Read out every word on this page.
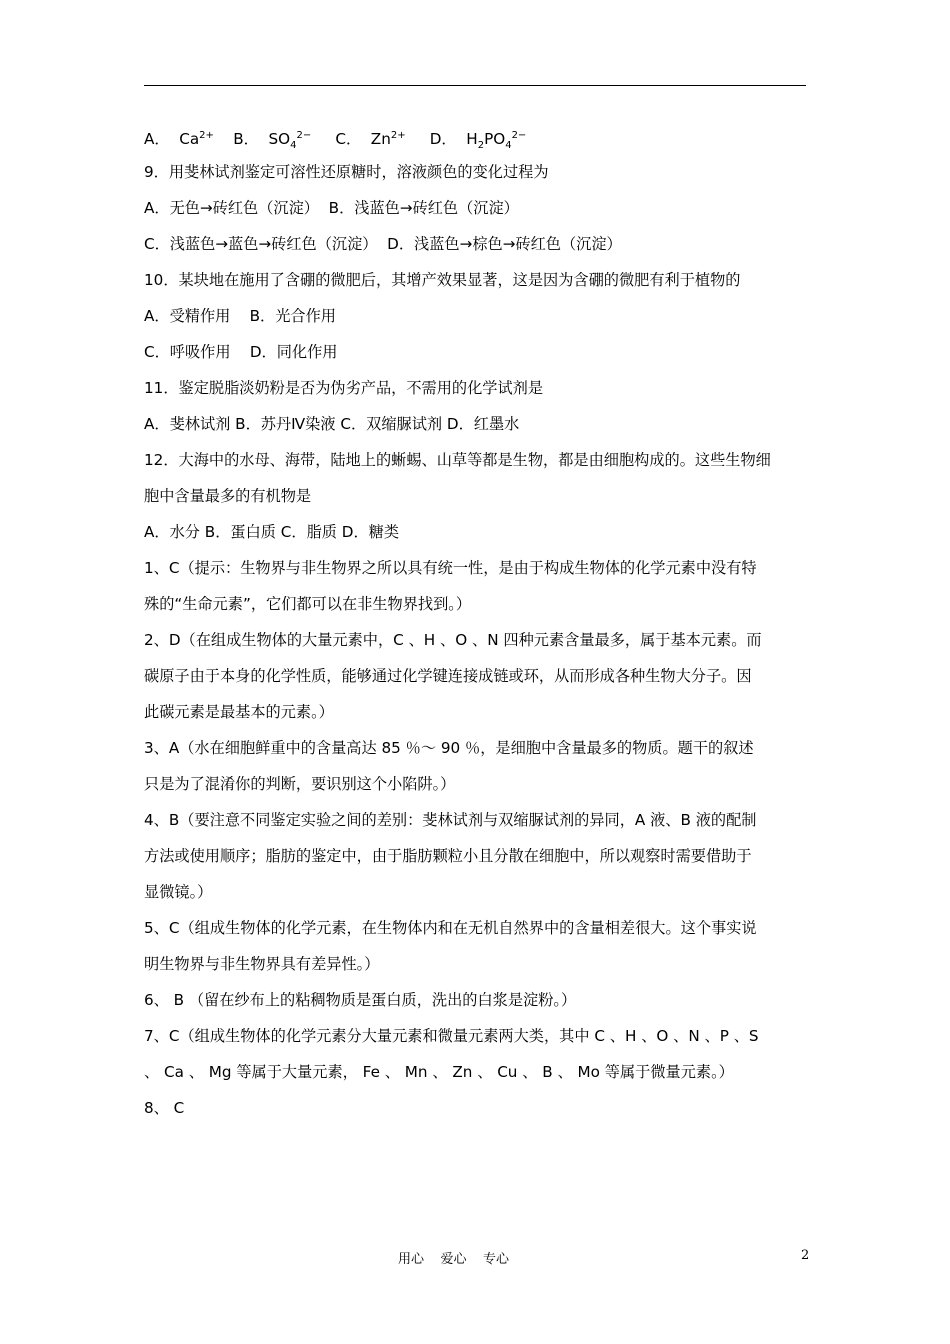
A．  $Ca^{2+}$    B．  $SO_4^{2-}$     C．  $Zn^{2+}$     D．  $H_2PO_4^{2-}$
9．用斐林试剂鉴定可溶性还原糖时，溶液颜色的变化过程为
A．无色→砖红色（沉淀）  B．浅蓝色→砖红色（沉淀）
C．浅蓝色→蓝色→砖红色（沉淀）  D．浅蓝色→棕色→砖红色（沉淀）
10．某块地在施用了含硼的微肥后，其增产效果显著，这是因为含硼的微肥有利于植物的
A．受精作用    B．光合作用
C．呼吸作用    D．同化作用
11．鉴定脱脂淡奶粉是否为伪劣产品，不需用的化学试剂是
A．斐林试剂 B．苏丹Ⅳ染液 C．双缩脲试剂 D．红墨水
12．大海中的水母、海带，陆地上的蜥蜴、山草等都是生物，都是由细胞构成的。这些生物细
胞中含量最多的有机物是
A．水分 B．蛋白质 C．脂质 D．糖类
1、C（提示：生物界与非生物界之所以具有统一性，是由于构成生物体的化学元素中没有特
殊的“生命元素”，它们都可以在非生物界找到。）
2、D（在组成生物体的大量元素中，C 、H 、O 、N 四种元素含量最多，属于基本元素。而
碳原子由于本身的化学性质，能够通过化学键连接成链或环，从而形成各种生物大分子。因
此碳元素是最基本的元素。）
3、A（水在细胞鲜重中的含量高达 85 ％～ 90 ％，是细胞中含量最多的物质。题干的叙述
只是为了混淆你的判断，要识别这个小陷阱。）
4、B（要注意不同鉴定实验之间的差别：斐林试剂与双缩脲试剂的异同，A 液、B 液的配制
方法或使用顺序；脂肪的鉴定中，由于脂肪颗粒小且分散在细胞中，所以观察时需要借助于
显微镜。）
5、C（组成生物体的化学元素，在生物体内和在无机自然界中的含量相差很大。这个事实说
明生物界与非生物界具有差异性。）
6、 B （留在纱布上的粘稠物质是蛋白质，洗出的白浆是淀粉。）
7、C（组成生物体的化学元素分大量元素和微量元素两大类，其中 C 、H 、O 、N 、P 、S
、 Ca 、 Mg 等属于大量元素， Fe 、 Mn 、 Zn 、 Cu 、 B 、 Mo 等属于微量元素。）
8、 C
用心    爱心    专心	2
